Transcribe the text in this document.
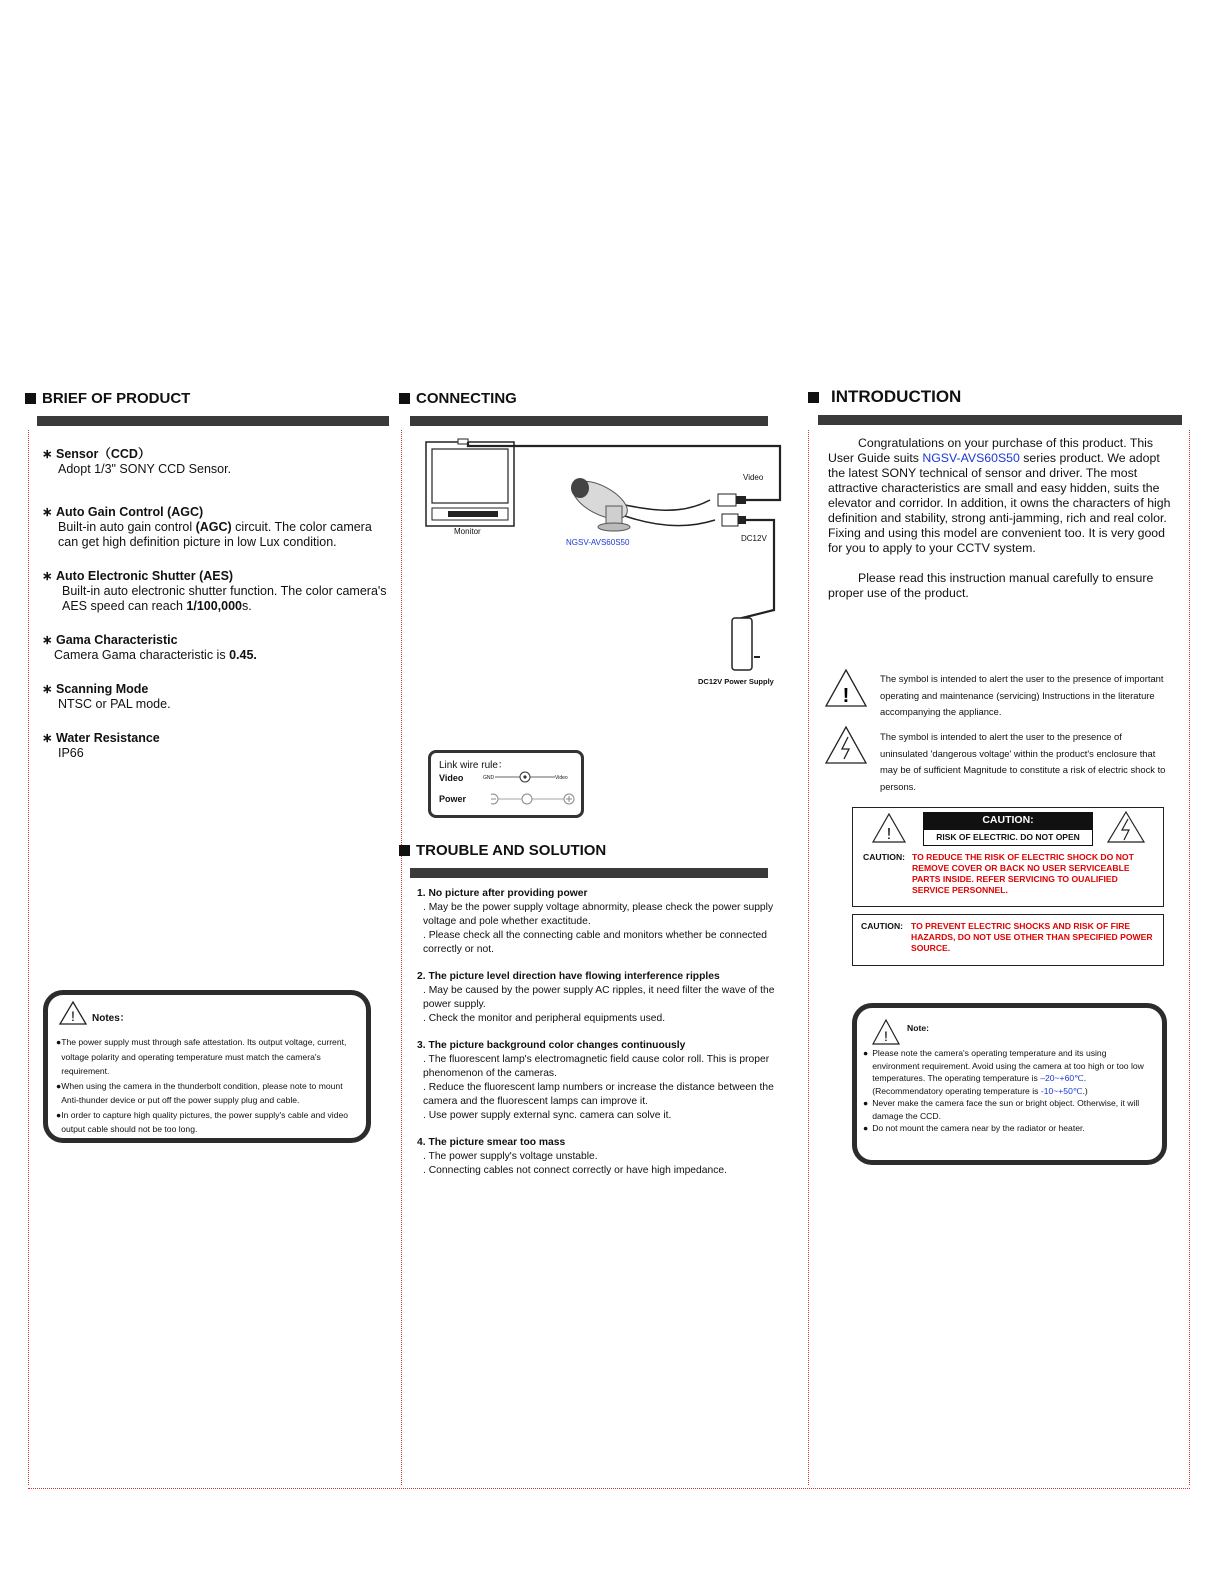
BRIEF OF PRODUCT
∗ Sensor（CCD）
Adopt 1/3" SONY CCD Sensor.
∗ Auto Gain Control (AGC)
Built-in auto gain control (AGC) circuit. The color camera can get high definition picture in low Lux condition.
∗ Auto Electronic Shutter (AES)
Built-in auto electronic shutter function. The color camera's AES speed can reach 1/100,000s.
∗ Gama Characteristic
Camera Gama characteristic is 0.45.
∗ Scanning Mode
NTSC or PAL mode.
∗ Water Resistance
IP66
! Notes：
● The power supply must through safe attestation. Its output voltage, current, voltage polarity and operating temperature must match the camera's requirement.
● When using the camera in the thunderbolt condition, please note to mount Anti-thunder device or put off the power supply plug and cable.
● In order to capture high quality pictures, the power supply's cable and video output cable should not be too long.
CONNECTING
Monitor
NGSV-AVS60S50
Video
DC12V
DC12V Power Supply
Link wire rule：
Video
Power
GND	Video
TROUBLE AND SOLUTION
1. No picture after providing power
. May be the power supply voltage abnormity, please check the power supply voltage and pole whether exactitude.
. Please check all the connecting cable and monitors whether be connected correctly or not.
2. The picture level direction have flowing interference ripples
. May be caused by the power supply AC ripples, it need filter the wave of the power supply.
. Check the monitor and peripheral equipments used.
3. The picture background color changes continuously
. The fluorescent lamp's electromagnetic field cause color roll. This is proper phenomenon of the cameras.
. Reduce the fluorescent lamp numbers or increase the distance between the camera and the fluorescent lamps can improve it.
. Use power supply external sync. camera can solve it.
4. The picture smear too mass
. The power supply's voltage unstable.
. Connecting cables not connect correctly or have high impedance.
INTRODUCTION
Congratulations on your purchase of this product. This User Guide suits NGSV-AVS60S50 series product. We adopt the latest SONY technical of sensor and driver. The most attractive characteristics are small and easy hidden, suits the elevator and corridor. In addition, it owns the characters of high definition and stability, strong anti-jamming, rich and real color. Fixing and using this model are convenient too. It is very good for you to apply to your CCTV system.
Please read this instruction manual carefully to ensure proper use of the product.
!
The symbol is intended to alert the user to the presence of important operating and maintenance (servicing) Instructions in the literature accompanying the appliance.
The symbol is intended to alert the user to the presence of uninsulated 'dangerous voltage' within the product's enclosure that may be of sufficient Magnitude to constitute a risk of electric shock to persons.
!
CAUTION:
RISK OF ELECTRIC. DO NOT OPEN
CAUTION: TO REDUCE THE RISK OF ELECTRIC SHOCK DO NOT REMOVE COVER OR BACK NO USER SERVICEABLE PARTS INSIDE. REFER SERVICING TO OUALIFIED SERVICE PERSONNEL.
CAUTION: TO PREVENT ELECTRIC SHOCKS AND RISK OF FIRE HAZARDS, DO NOT USE OTHER THAN SPECIFIED POWER SOURCE.
! Note:
● Please note the camera's operating temperature and its using environment requirement. Avoid using the camera at too high or too low temperatures. The operating temperature is –20~+60℃. (Recommendatory operating temperature is -10~+50℃.)
● Never make the camera face the sun or bright object. Otherwise, it will damage the CCD.
● Do not mount the camera near by the radiator or heater.
